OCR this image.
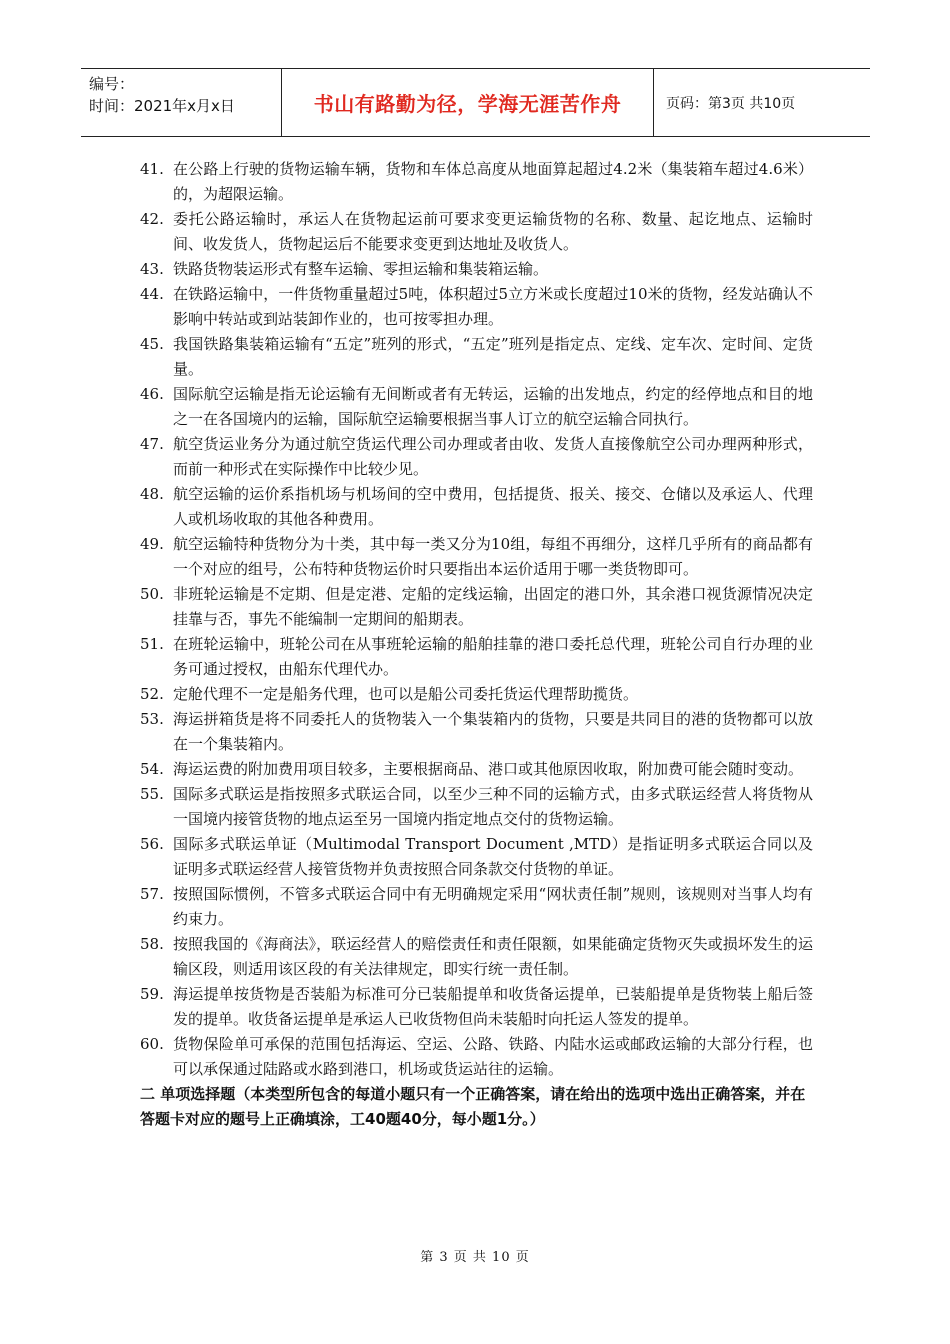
编号：
时间：2021年x月x日	书山有路勤为径，学海无涯苦作舟	页码：第3页 共10页
41. 在公路上行驶的货物运输车辆，货物和车体总高度从地面算起超过4.2米（集装箱车超过4.6米）的，为超限运输。
42. 委托公路运输时，承运人在货物起运前可要求变更运输货物的名称、数量、起讫地点、运输时间、收发货人，货物起运后不能要求变更到达地址及收货人。
43. 铁路货物装运形式有整车运输、零担运输和集装箱运输。
44. 在铁路运输中，一件货物重量超过5吨，体积超过5立方米或长度超过10米的货物，经发站确认不影响中转站或到站装卸作业的，也可按零担办理。
45. 我国铁路集装箱运输有“五定”班列的形式，“五定”班列是指定点、定线、定车次、定时间、定货量。
46. 国际航空运输是指无论运输有无间断或者有无转运，运输的出发地点，约定的经停地点和目的地之一在各国境内的运输，国际航空运输要根据当事人订立的航空运输合同执行。
47. 航空货运业务分为通过航空货运代理公司办理或者由收、发货人直接像航空公司办理两种形式，而前一种形式在实际操作中比较少见。
48. 航空运输的运价系指机场与机场间的空中费用，包括提货、报关、接交、仓储以及承运人、代理人或机场收取的其他各种费用。
49. 航空运输特种货物分为十类，其中每一类又分为10组，每组不再细分，这样几乎所有的商品都有一个对应的组号，公布特种货物运价时只要指出本运价适用于哪一类货物即可。
50. 非班轮运输是不定期、但是定港、定船的定线运输，出固定的港口外，其余港口视货源情况决定挂靠与否，事先不能编制一定期间的船期表。
51. 在班轮运输中，班轮公司在从事班轮运输的船舶挂靠的港口委托总代理，班轮公司自行办理的业务可通过授权，由船东代理代办。
52. 定舱代理不一定是船务代理，也可以是船公司委托货运代理帮助揽货。
53. 海运拼箱货是将不同委托人的货物装入一个集装箱内的货物，只要是共同目的港的货物都可以放在一个集装箱内。
54. 海运运费的附加费用项目较多，主要根据商品、港口或其他原因收取，附加费可能会随时变动。
55. 国际多式联运是指按照多式联运合同，以至少三种不同的运输方式，由多式联运经营人将货物从一国境内接管货物的地点运至另一国境内指定地点交付的货物运输。
56. 国际多式联运单证（Multimodal Transport Document ,MTD）是指证明多式联运合同以及证明多式联运经营人接管货物并负责按照合同条款交付货物的单证。
57. 按照国际惯例，不管多式联运合同中有无明确规定采用“网状责任制”规则，该规则对当事人均有约束力。
58. 按照我国的《海商法》，联运经营人的赔偿责任和责任限额，如果能确定货物灭失或损坏发生的运输区段，则适用该区段的有关法律规定，即实行统一责任制。
59. 海运提单按货物是否装船为标准可分已装船提单和收货备运提单，已装船提单是货物装上船后签发的提单。收货备运提单是承运人已收货物但尚未装船时向托运人签发的提单。
60. 货物保险单可承保的范围包括海运、空运、公路、铁路、内陆水运或邮政运输的大部分行程，也可以承保通过陆路或水路到港口，机场或货运站往的运输。
二 单项选择题（本类型所包含的每道小题只有一个正确答案，请在给出的选项中选出正确答案，并在答题卡对应的题号上正确填涂，工40题40分，每小题1分。）
第 3 页 共 10 页
